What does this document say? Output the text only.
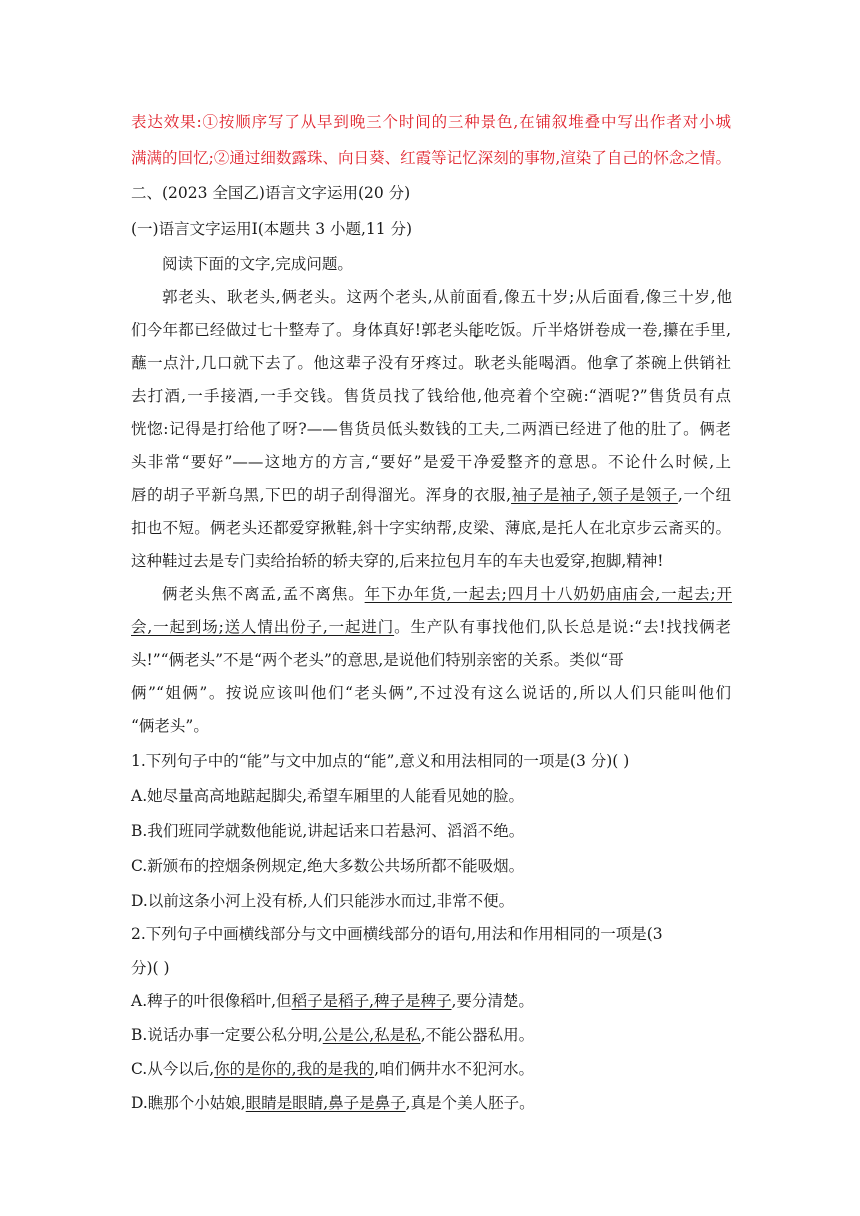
表达效果:①按顺序写了从早到晚三个时间的三种景色,在铺叙堆叠中写出作者对小城
满满的回忆;②通过细数露珠、向日葵、红霞等记忆深刻的事物,渲染了自己的怀念之情。
二、(2023 全国乙)语言文字运用(20 分)
(一)语言文字运用Ⅰ(本题共 3 小题,11 分)
阅读下面的文字,完成问题。
郭老头、耿老头,俩老头。这两个老头,从前面看,像五十岁;从后面看,像三十岁,他
们今年都已经做过七十整寿了。身体真好!郭老头能吃饭。斤半烙饼卷成一卷,攥在手里,
蘸一点汁,几口就下去了。他这辈子没有牙疼过。耿老头能喝酒。他拿了茶碗上供销社
去打酒,一手接酒,一手交钱。售货员找了钱给他,他亮着个空碗:“酒呢?”售货员有点
恍惚:记得是打给他了呀?——售货员低头数钱的工夫,二两酒已经进了他的肚了。俩老
头非常“要好”——这地方的方言,“要好”是爱干净爱整齐的意思。不论什么时候,上
唇的胡子平新乌黑,下巴的胡子刮得溜光。浑身的衣服,袖子是袖子,领子是领子,一个纽
扣也不短。俩老头还都爱穿揪鞋,斜十字实纳帮,皮梁、薄底,是托人在北京步云斋买的。
这种鞋过去是专门卖给抬轿的轿夫穿的,后来拉包月车的车夫也爱穿,抱脚,精神!
俩老头焦不离孟,孟不离焦。年下办年货,一起去;四月十八奶奶庙庙会,一起去;开
会,一起到场;送人情出份子,一起进门。生产队有事找他们,队长总是说:“去!找找俩老
头!”“俩老头”不是“两个老头”的意思,是说他们特别亲密的关系。类似“哥
俩”“姐俩”。按说应该叫他们“老头俩”,不过没有这么说话的,所以人们只能叫他们
“俩老头”。
1.下列句子中的“能”与文中加点的“能”,意义和用法相同的一项是(3 分)( )
A.她尽量高高地踮起脚尖,希望车厢里的人能看见她的脸。
B.我们班同学就数他能说,讲起话来口若悬河、滔滔不绝。
C.新颁布的控烟条例规定,绝大多数公共场所都不能吸烟。
D.以前这条小河上没有桥,人们只能涉水而过,非常不便。
2.下列句子中画横线部分与文中画横线部分的语句,用法和作用相同的一项是(3
分)( )
A.稗子的叶很像稻叶,但稻子是稻子,稗子是稗子,要分清楚。
B.说话办事一定要公私分明,公是公,私是私,不能公器私用。
C.从今以后,你的是你的,我的是我的,咱们俩井水不犯河水。
D.瞧那个小姑娘,眼睛是眼睛,鼻子是鼻子,真是个美人胚子。
